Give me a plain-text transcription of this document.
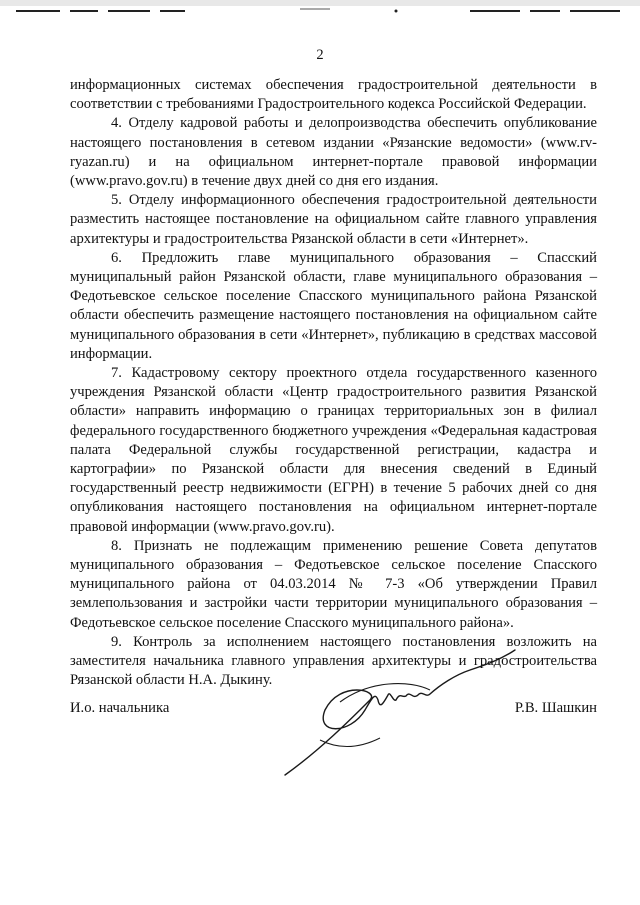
2

информационных системах обеспечения градостроительной деятельности в соответствии с требованиями Градостроительного кодекса Российской Федерации.

4. Отделу кадровой работы и делопроизводства обеспечить опубликование настоящего постановления в сетевом издании «Рязанские ведомости» (www.rv-ryazan.ru) и на официальном интернет-портале правовой информации (www.pravo.gov.ru) в течение двух дней со дня его издания.

5. Отделу информационного обеспечения градостроительной деятельности разместить настоящее постановление на официальном сайте главного управления архитектуры и градостроительства Рязанской области в сети «Интернет».

6. Предложить главе муниципального образования – Спасский муниципальный район Рязанской области, главе муниципального образования – Федотьевское сельское поселение Спасского муниципального района Рязанской области обеспечить размещение настоящего постановления на официальном сайте муниципального образования в сети «Интернет», публикацию в средствах массовой информации.

7. Кадастровому сектору проектного отдела государственного казенного учреждения Рязанской области «Центр градостроительного развития Рязанской области» направить информацию о границах территориальных зон в филиал федерального государственного бюджетного учреждения «Федеральная кадастровая палата Федеральной службы государственной регистрации, кадастра и картографии» по Рязанской области для внесения сведений в Единый государственный реестр недвижимости (ЕГРН) в течение 5 рабочих дней со дня опубликования настоящего постановления на официальном интернет-портале правовой информации (www.pravo.gov.ru).

8. Признать не подлежащим применению решение Совета депутатов муниципального образования – Федотьевское сельское поселение Спасского муниципального района от 04.03.2014 № 7-3 «Об утверждении Правил землепользования и застройки части территории муниципального образования – Федотьевское сельское поселение Спасского муниципального района».

9. Контроль за исполнением настоящего постановления возложить на заместителя начальника главного управления архитектуры и градостроительства Рязанской области Н.А. Дыкину.

И.о. начальника	Р.В. Шашкин
